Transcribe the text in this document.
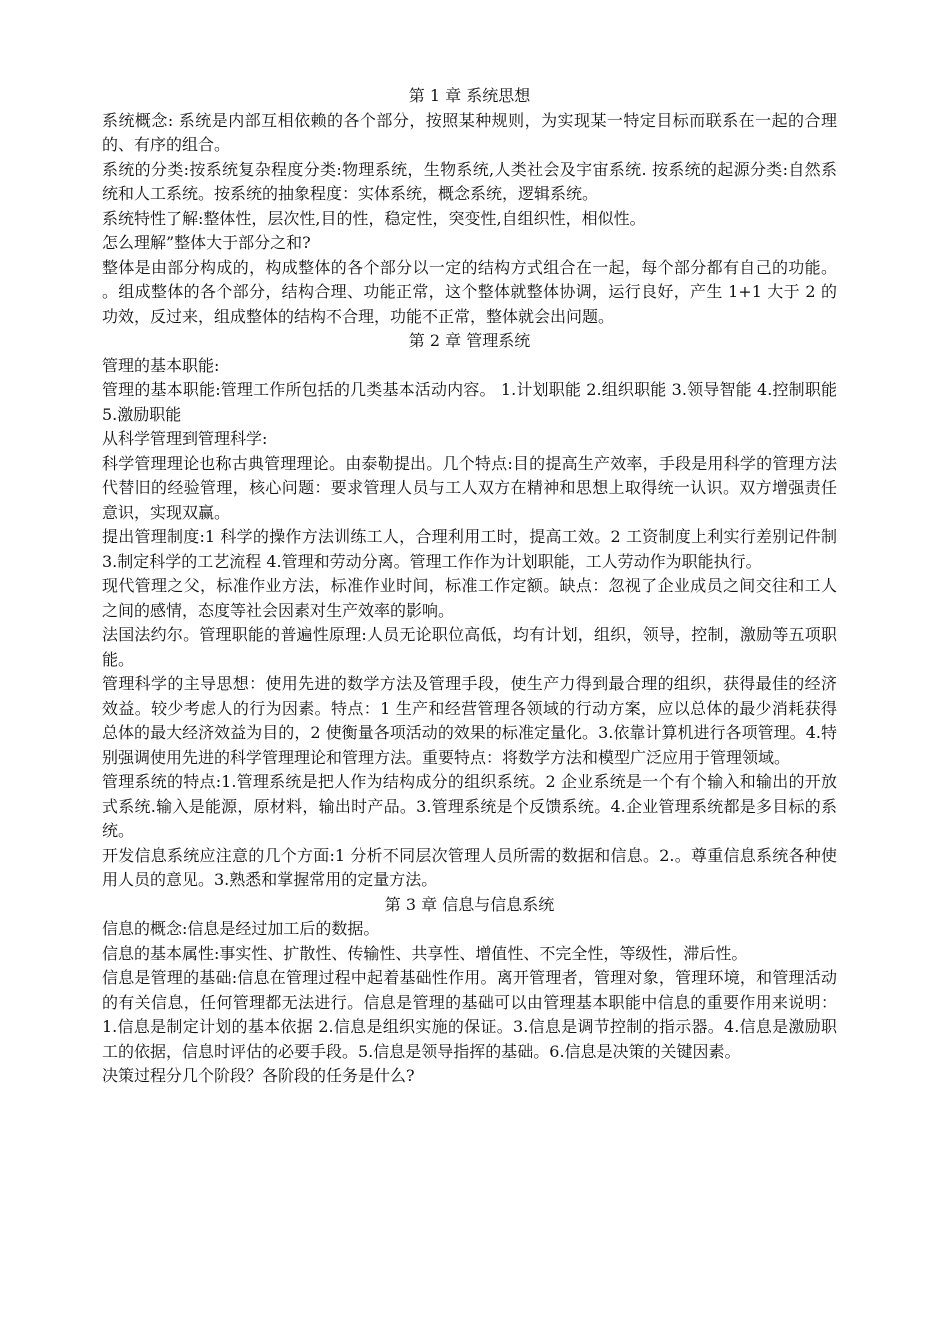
第 1 章 系统思想

系统概念: 系统是内部互相依赖的各个部分，按照某种规则，为实现某一特定目标而联系在一起的合理的、有序的组合。

系统的分类:按系统复杂程度分类:物理系统，生物系统,人类社会及宇宙系统. 按系统的起源分类:自然系统和人工系统。按系统的抽象程度：实体系统，概念系统，逻辑系统。

系统特性了解:整体性，层次性,目的性，稳定性，突变性,自组织性，相似性。

怎么理解”整体大于部分之和?

整体是由部分构成的，构成整体的各个部分以一定的结构方式组合在一起，每个部分都有自己的功能。 。组成整体的各个部分，结构合理、功能正常，这个整体就整体协调，运行良好，产生 1+1 大于 2 的功效，反过来，组成整体的结构不合理，功能不正常，整体就会出问题。

第 2 章 管理系统

管理的基本职能:

管理的基本职能:管理工作所包括的几类基本活动内容。 1.计划职能 2.组织职能 3.领导智能 4.控制职能 5.激励职能

从科学管理到管理科学:

科学管理理论也称古典管理理论。由泰勒提出。几个特点:目的提高生产效率，手段是用科学的管理方法代替旧的经验管理，核心问题：要求管理人员与工人双方在精神和思想上取得统一认识。双方增强责任意识，实现双赢。

提出管理制度:1 科学的操作方法训练工人，合理利用工时，提高工效。2 工资制度上利实行差别记件制 3.制定科学的工艺流程 4.管理和劳动分离。管理工作作为计划职能，工人劳动作为职能执行。

现代管理之父，标准作业方法，标准作业时间，标准工作定额。缺点：忽视了企业成员之间交往和工人之间的感情，态度等社会因素对生产效率的影响。

法国法约尔。管理职能的普遍性原理:人员无论职位高低，均有计划，组织，领导，控制，激励等五项职能。

管理科学的主导思想：使用先进的数学方法及管理手段，使生产力得到最合理的组织，获得最佳的经济效益。较少考虑人的行为因素。特点：1 生产和经营管理各领域的行动方案，应以总体的最少消耗获得总体的最大经济效益为目的，2 使衡量各项活动的效果的标准定量化。3.依靠计算机进行各项管理。4.特别强调使用先进的科学管理理论和管理方法。重要特点：将数学方法和模型广泛应用于管理领域。

管理系统的特点:1.管理系统是把人作为结构成分的组织系统。2 企业系统是一个有个输入和输出的开放式系统.输入是能源，原材料，输出时产品。3.管理系统是个反馈系统。4.企业管理系统都是多目标的系统。

开发信息系统应注意的几个方面:1 分析不同层次管理人员所需的数据和信息。2.。尊重信息系统各种使用人员的意见。3.熟悉和掌握常用的定量方法。

第 3 章 信息与信息系统

信息的概念:信息是经过加工后的数据。

信息的基本属性:事实性、扩散性、传输性、共享性、增值性、不完全性，等级性，滞后性。

信息是管理的基础:信息在管理过程中起着基础性作用。离开管理者，管理对象，管理环境，和管理活动的有关信息，任何管理都无法进行。信息是管理的基础可以由管理基本职能中信息的重要作用来说明：1.信息是制定计划的基本依据 2.信息是组织实施的保证。3.信息是调节控制的指示器。4.信息是激励职工的依据，信息时评估的必要手段。5.信息是领导指挥的基础。6.信息是决策的关键因素。

决策过程分几个阶段？各阶段的任务是什么?
